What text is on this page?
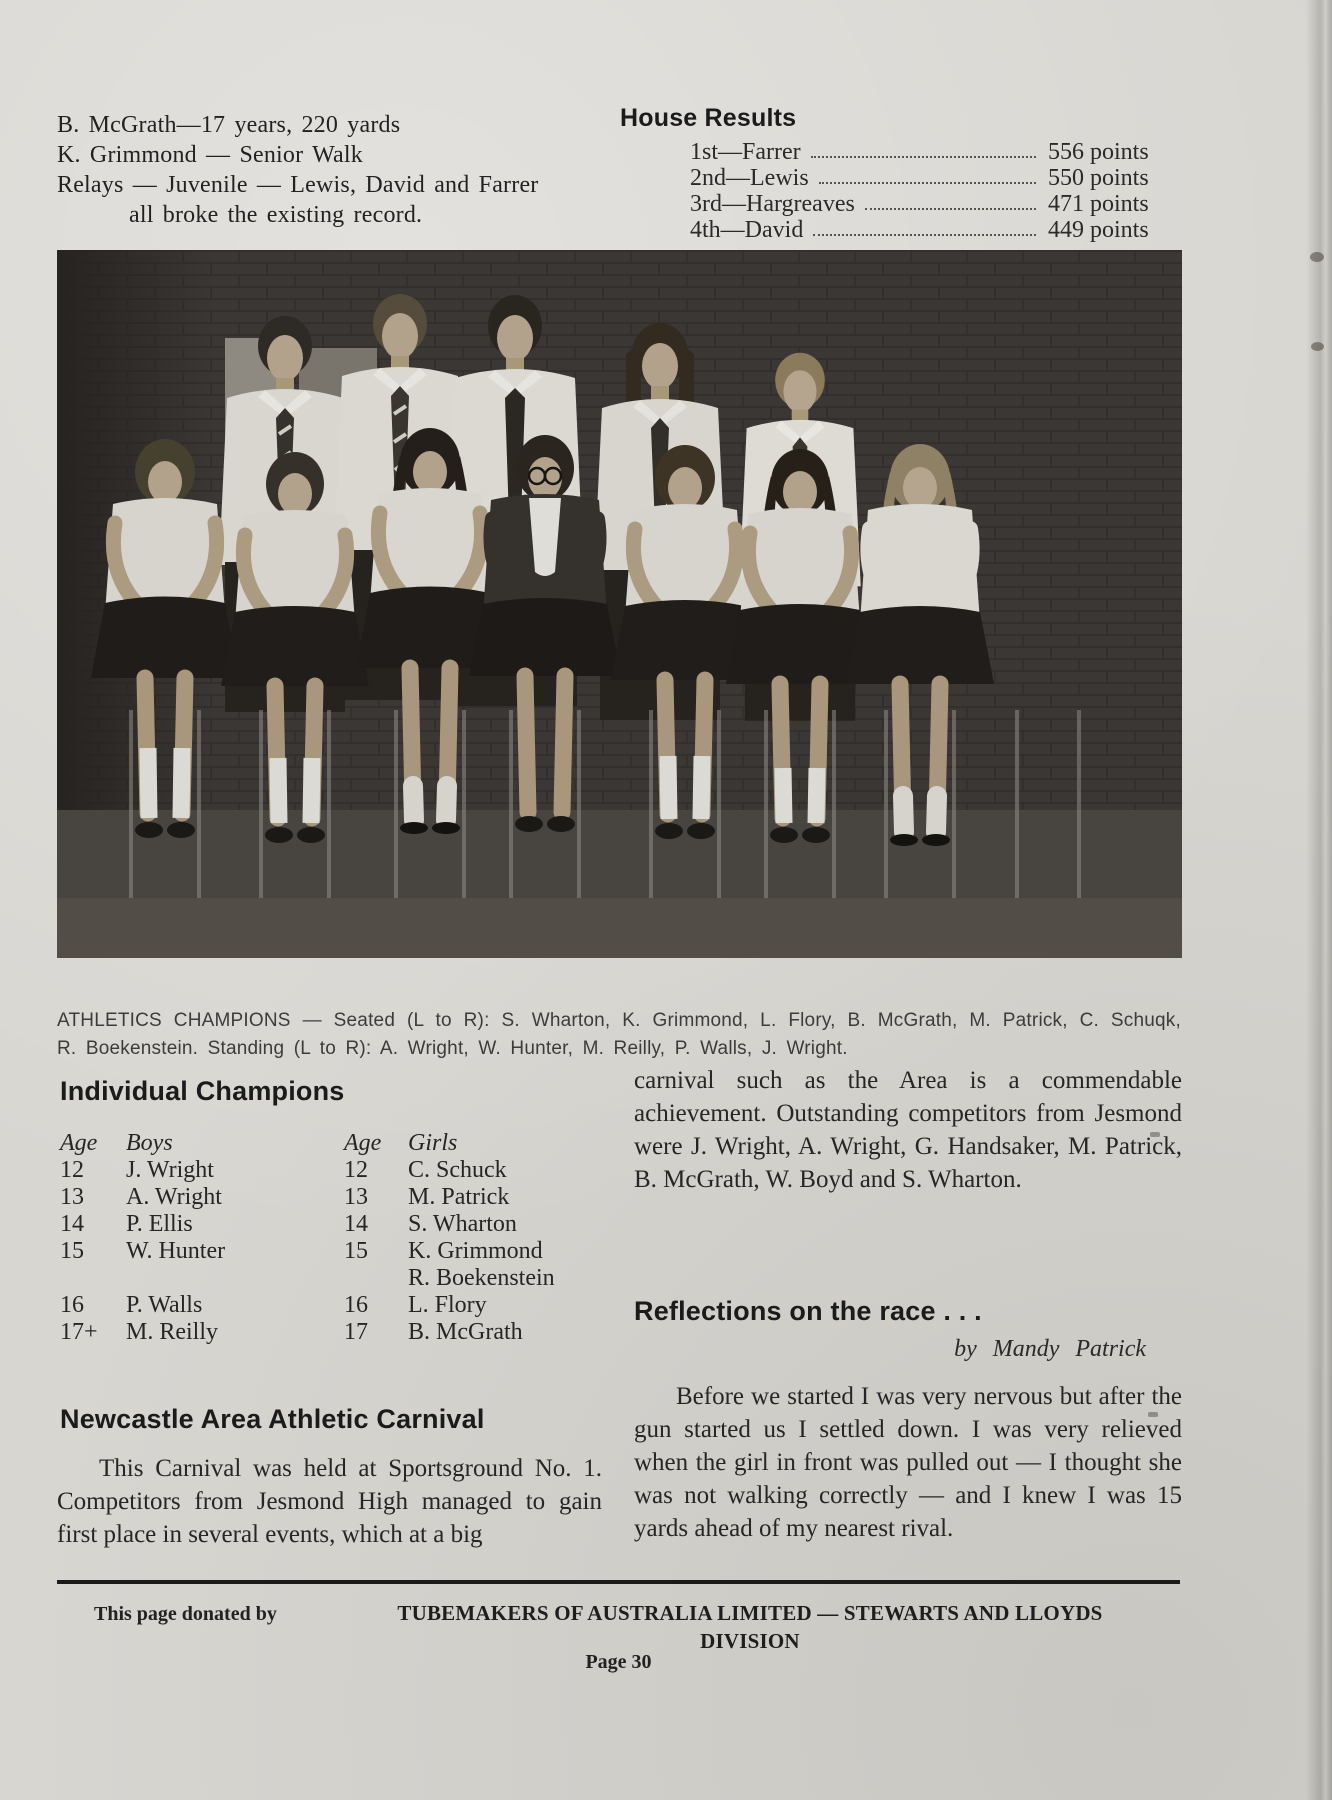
B. McGrath—17 years, 220 yards
K. Grimmond — Senior Walk
Relays — Juvenile — Lewis, David and Farrer
all broke the existing record.
House Results
1st—Farrer	556 points
2nd—Lewis	550 points
3rd—Hargreaves	471 points
4th—David	449 points

ATHLETICS CHAMPIONS — Seated (L to R): S. Wharton, K. Grimmond, L. Flory, B. McGrath, M. Patrick, C. Schuqk,
R. Boekenstein. Standing (L to R): A. Wright, W. Hunter, M. Reilly, P. Walls, J. Wright.

Individual Champions
Age	Boys	Age	Girls
12	J. Wright	12	C. Schuck
13	A. Wright	13	M. Patrick
14	P. Ellis	14	S. Wharton
15	W. Hunter	15	K. Grimmond
R. Boekenstein
16	P. Walls	16	L. Flory
17+	M. Reilly	17	B. McGrath
Newcastle Area Athletic Carnival

This Carnival was held at Sportsground No. 1. Competitors from Jesmond High managed to gain first place in several events, which at a big

carnival such as the Area is a commendable achievement. Outstanding competitors from Jesmond were J. Wright, A. Wright, G. Handsaker, M. Patrick, B. McGrath, W. Boyd and S. Wharton.

Reflections on the race . . .

by Mandy Patrick

Before we started I was very nervous but after the gun started us I settled down. I was very relieved when the girl in front was pulled out — I thought she was not walking correctly — and I knew I was 15 yards ahead of my nearest rival.

This page donated by	TUBEMAKERS OF AUSTRALIA LIMITED — STEWARTS AND LLOYDS
DIVISION
Page 30
